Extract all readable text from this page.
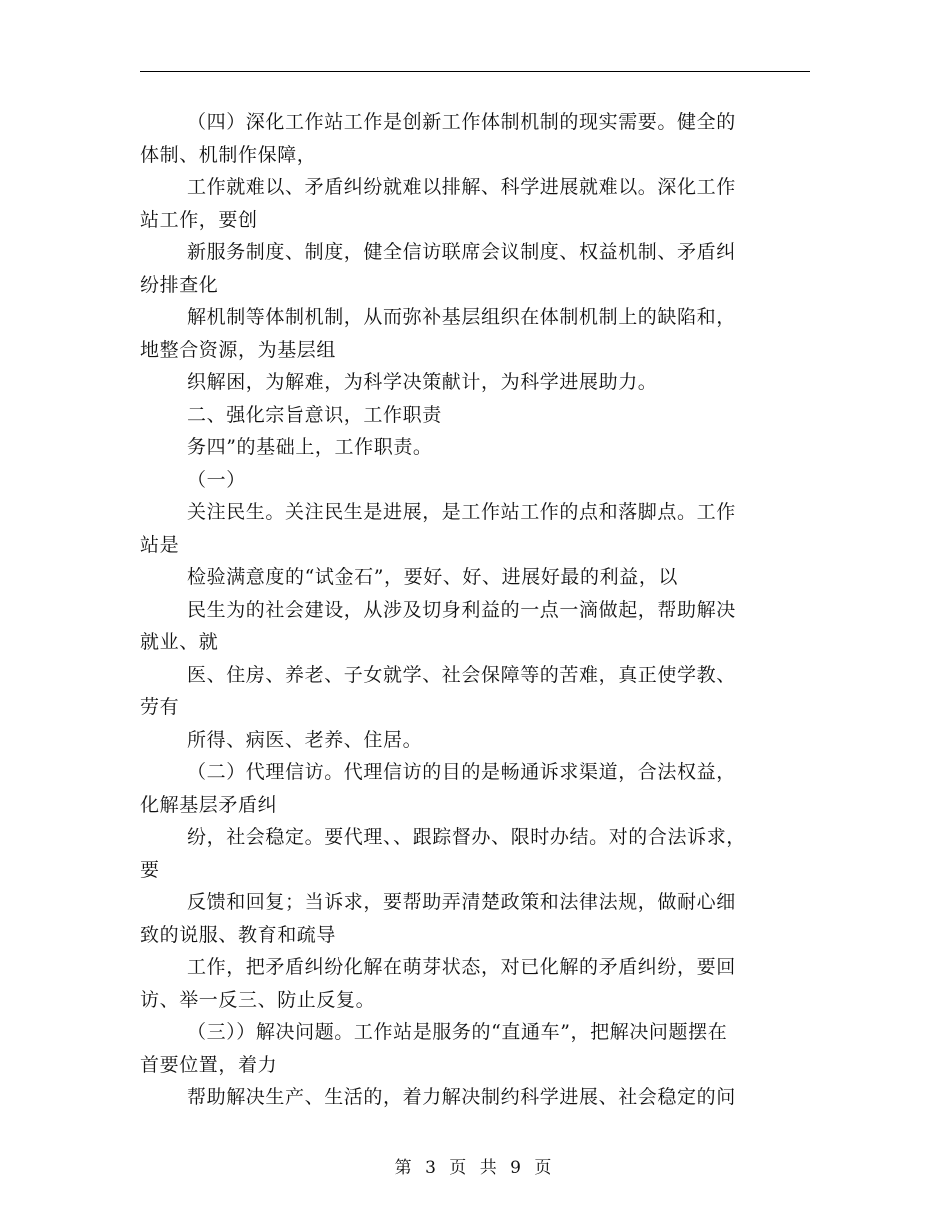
（四）深化工作站工作是创新工作体制机制的现实需要。健全的

体制、机制作保障，

工作就难以、矛盾纠纷就难以排解、科学进展就难以。深化工作

站工作，要创

新服务制度、制度，健全信访联席会议制度、权益机制、矛盾纠

纷排查化

解机制等体制机制，从而弥补基层组织在体制机制上的缺陷和，

地整合资源，为基层组

织解困，为解难，为科学决策献计，为科学进展助力。

二、强化宗旨意识，工作职责

务四”的基础上，工作职责。

（一）

关注民生。关注民生是进展，是工作站工作的点和落脚点。工作

站是

检验满意度的“试金石”，要好、好、进展好最的利益，以

民生为的社会建设，从涉及切身利益的一点一滴做起，帮助解决

就业、就

医、住房、养老、子女就学、社会保障等的苦难，真正使学教、

劳有

所得、病医、老养、住居。

（二）代理信访。代理信访的目的是畅通诉求渠道，合法权益，

化解基层矛盾纠

纷，社会稳定。要代理、、跟踪督办、限时办结。对的合法诉求，

要

反馈和回复；当诉求，要帮助弄清楚政策和法律法规，做耐心细

致的说服、教育和疏导

工作，把矛盾纠纷化解在萌芽状态，对已化解的矛盾纠纷，要回

访、举一反三、防止反复。

（三））解决问题。工作站是服务的“直通车”，把解决问题摆在

首要位置，着力

帮助解决生产、生活的，着力解决制约科学进展、社会稳定的问

第 3 页 共 9 页
